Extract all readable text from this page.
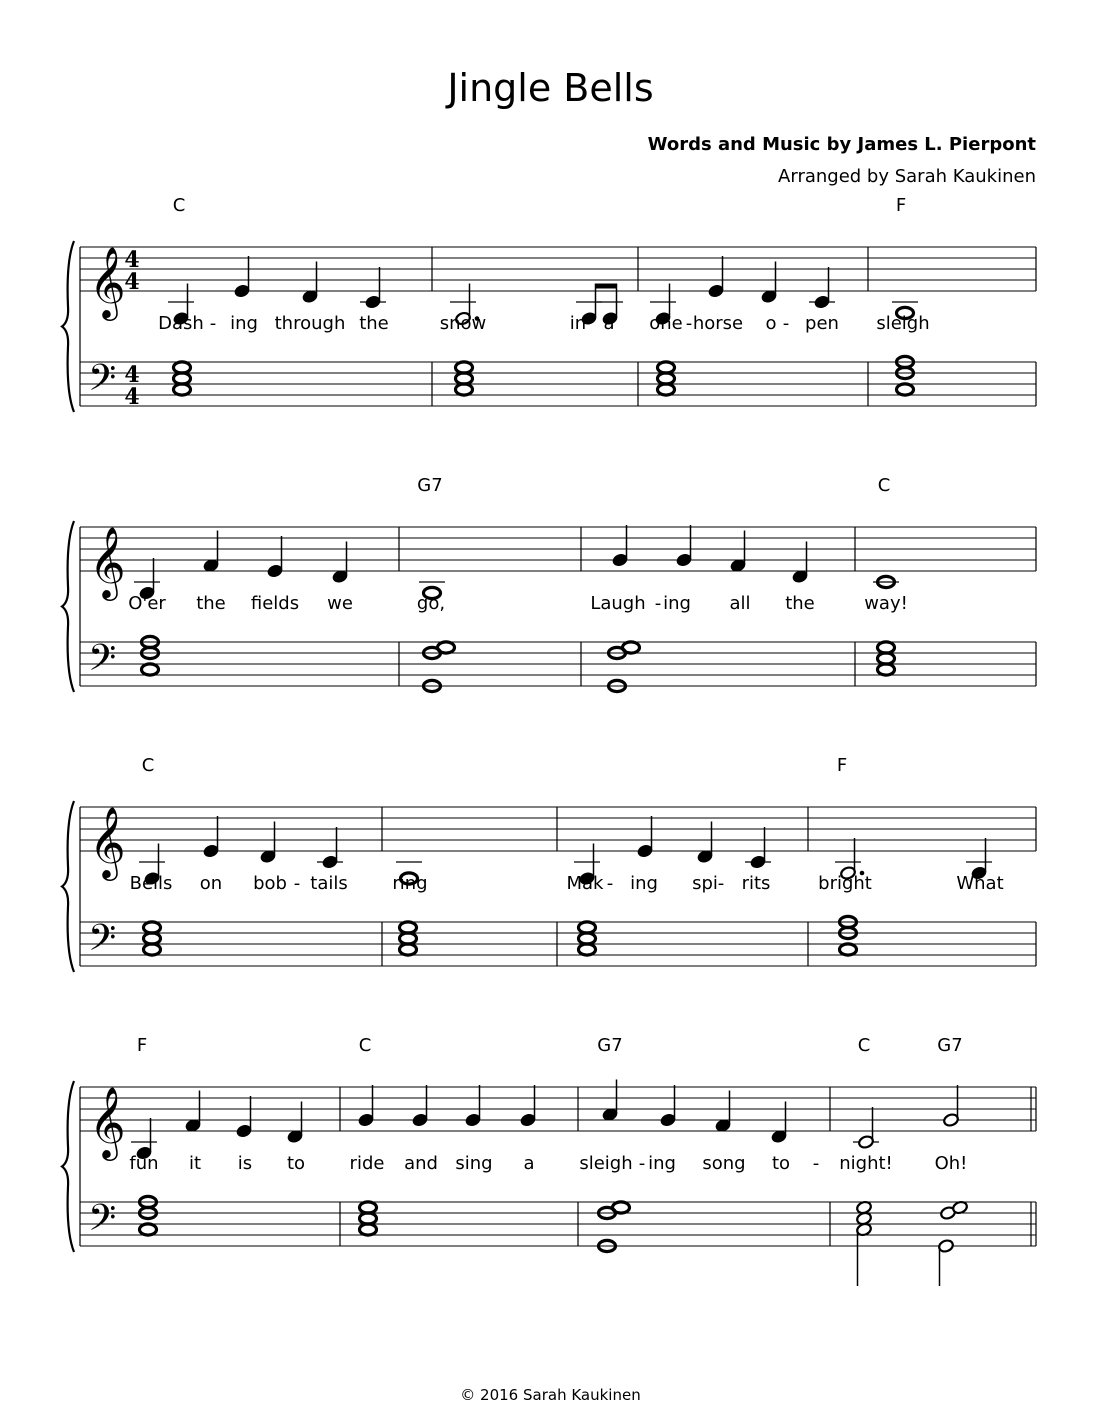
Jingle Bells
Words and Music by James L. Pierpont
Arranged by Sarah Kaukinen
𝄞
𝄢
4
4
4
4
C	F
Dash - ing through the	snow	in a one - horse o - pen sleigh
𝄞
𝄢
G7	C
O'er the fields we	go,	Laugh - ing all the	way!
𝄞
𝄢
C	F
Bells on bob - tails ring	Mak - ing spi - rits	bright	What
𝄞
𝄢
F	C	G7	C	G7
fun it is to ride and sing a sleigh - ing song to - night! Oh!
© 2016 Sarah Kaukinen
